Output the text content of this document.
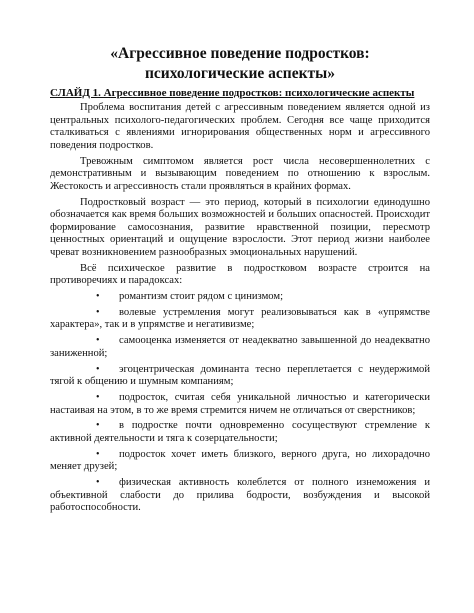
«Агрессивное поведение подростков: психологические аспекты»
СЛАЙД 1. Агрессивное поведение подростков: психологические аспекты

Проблема воспитания детей с агрессивным поведением является одной из центральных психолого-педагогических проблем. Сегодня все чаще приходится сталкиваться с явлениями игнорирования общественных норм и агрессивного поведения подростков.

Тревожным симптомом является рост числа несовершеннолетних с демонстративным и вызывающим поведением по отношению к взрослым. Жестокость и агрессивность стали проявляться в крайних формах.

Подростковый возраст — это период, который в психологии единодушно обозначается как время больших возможностей и больших опасностей. Происходит формирование самосознания, развитие нравственной позиции, пересмотр ценностных ориентаций и ощущение взрослости. Этот период жизни наиболее чреват возникновением разнообразных эмоциональных нарушений.

Всё психическое развитие в подростковом возрасте строится на противоречиях и парадоксах:

• романтизм стоит рядом с цинизмом;
• волевые устремления могут реализовываться как в «упрямстве характера», так и в упрямстве и негативизме;
• самооценка изменяется от неадекватно завышенной до неадекватно заниженной;
• эгоцентрическая доминанта тесно переплетается с неудержимой тягой к общению и шумным компаниям;
• подросток, считая себя уникальной личностью и категорически настаивая на этом, в то же время стремится ничем не отличаться от сверстников;
• в подростке почти одновременно сосуществуют стремление к активной деятельности и тяга к созерцательности;
• подросток хочет иметь близкого, верного друга, но лихорадочно меняет друзей;
• физическая активность колеблется от полного изнеможения и объективной слабости до прилива бодрости, возбуждения и высокой работоспособности.
